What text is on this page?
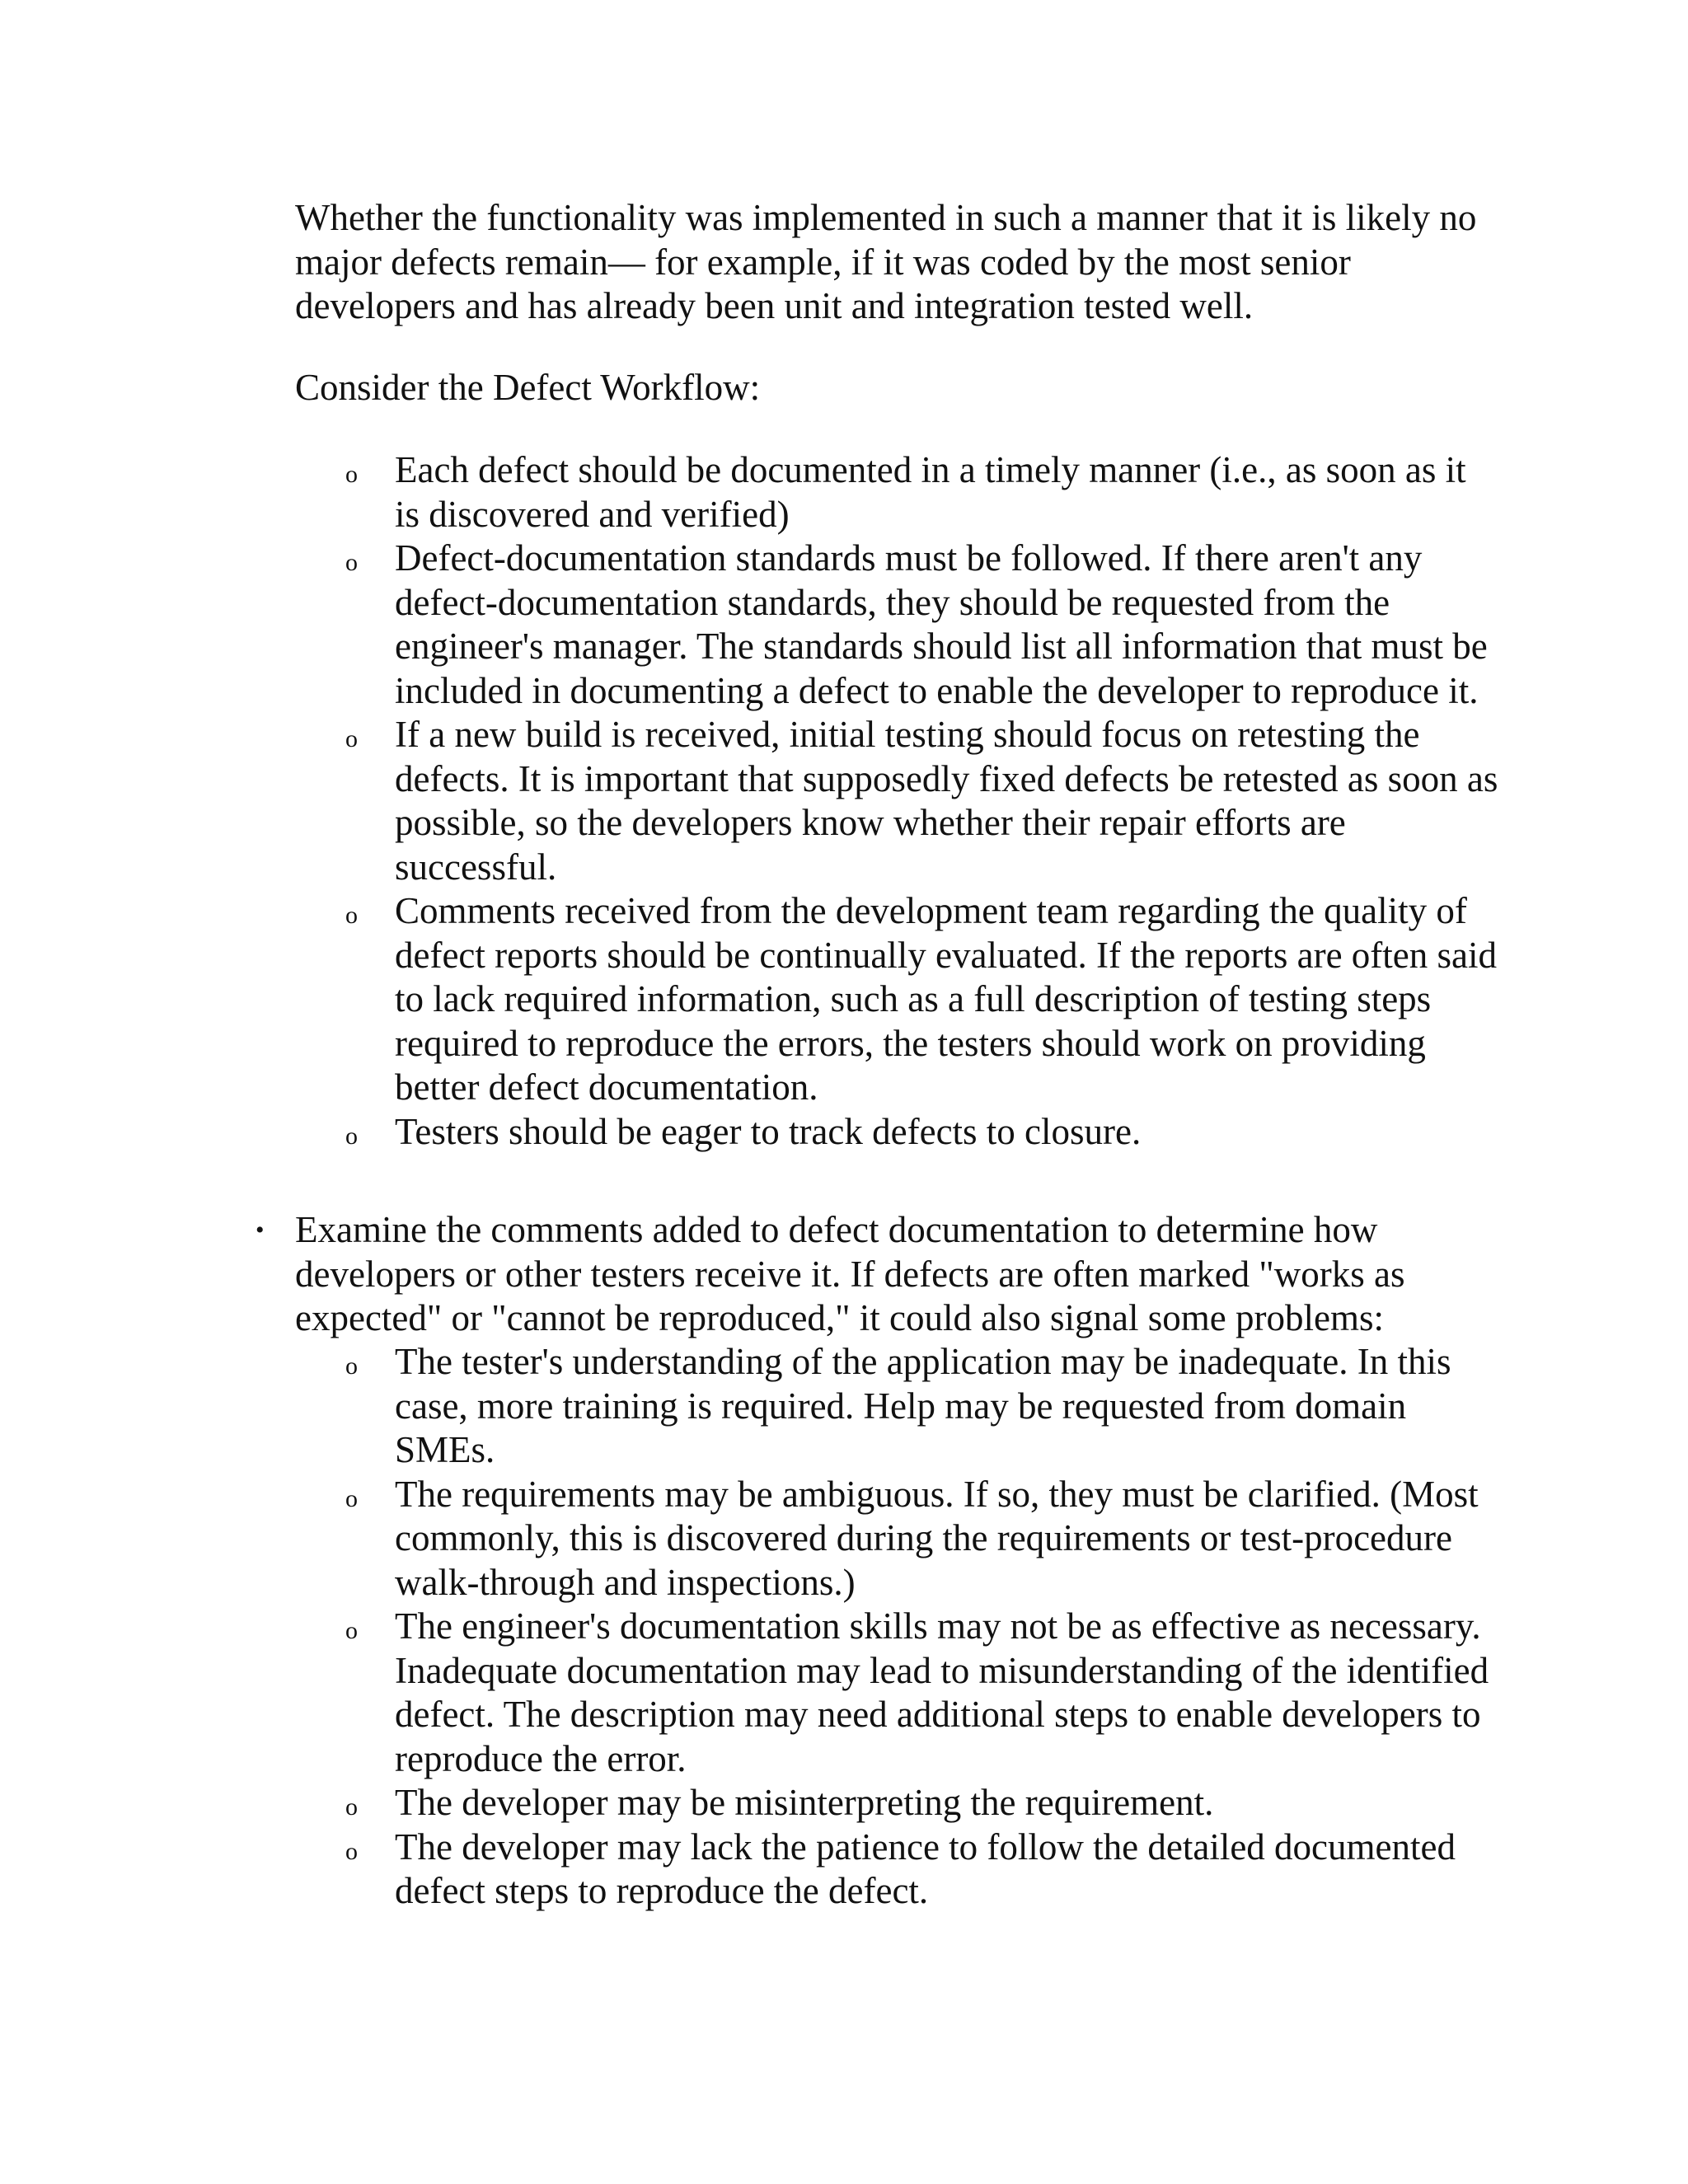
Whether the functionality was implemented in such a manner that it is likely no major defects remain— for example, if it was coded by the most senior developers and has already been unit and integration tested well.

Consider the Defect Workflow:

o Each defect should be documented in a timely manner (i.e., as soon as it is discovered and verified)
o Defect-documentation standards must be followed. If there aren't any defect-documentation standards, they should be requested from the engineer's manager. The standards should list all information that must be included in documenting a defect to enable the developer to reproduce it.
o If a new build is received, initial testing should focus on retesting the defects. It is important that supposedly fixed defects be retested as soon as possible, so the developers know whether their repair efforts are successful.
o Comments received from the development team regarding the quality of defect reports should be continually evaluated. If the reports are often said to lack required information, such as a full description of testing steps required to reproduce the errors, the testers should work on providing better defect documentation.
o Testers should be eager to track defects to closure.
• Examine the comments added to defect documentation to determine how developers or other testers receive it. If defects are often marked "works as expected" or "cannot be reproduced," it could also signal some problems:
o The tester's understanding of the application may be inadequate. In this case, more training is required. Help may be requested from domain SMEs.
o The requirements may be ambiguous. If so, they must be clarified. (Most commonly, this is discovered during the requirements or test-procedure walk-through and inspections.)
o The engineer's documentation skills may not be as effective as necessary. Inadequate documentation may lead to misunderstanding of the identified defect. The description may need additional steps to enable developers to reproduce the error.
o The developer may be misinterpreting the requirement.
o The developer may lack the patience to follow the detailed documented defect steps to reproduce the defect.
